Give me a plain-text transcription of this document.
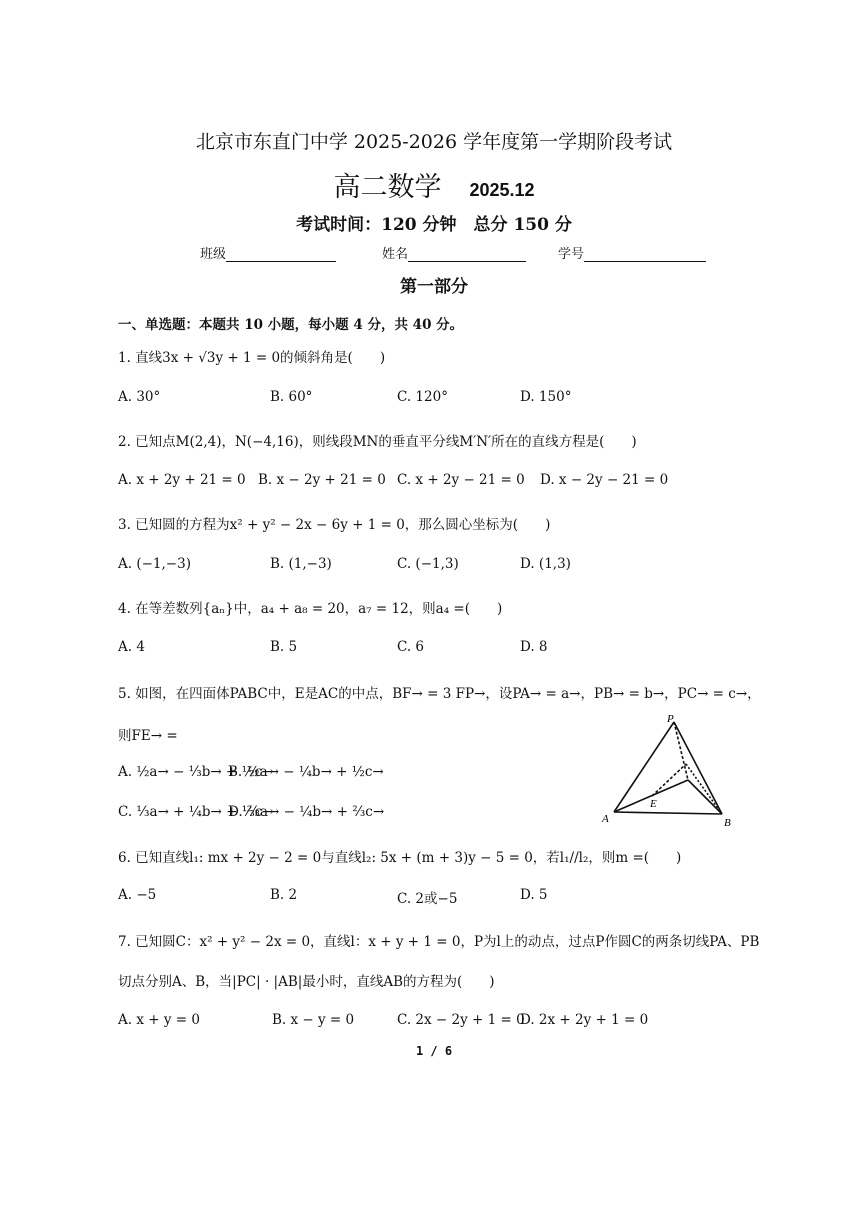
北京市东直门中学 2025-2026 学年度第一学期阶段考试
高二数学 2025.12
考试时间：120 分钟　总分 150 分
班级	姓名	学号
第一部分
一、单选题：本题共 10 小题，每小题 4 分，共 40 分。
1. 直线3x + √3y + 1 = 0的倾斜角是(　　)
A. 30°	B. 60°	C. 120°	D. 150°
2. 已知点M(2,4)，N(−4,16)，则线段MN的垂直平分线M′N′所在的直线方程是(　　)
A. x + 2y + 21 = 0 B. x − 2y + 21 = 0 C. x + 2y − 21 = 0 D. x − 2y − 21 = 0
3. 已知圆的方程为x² + y² − 2x − 6y + 1 = 0，那么圆心坐标为(　　)
A. (−1,−3)	B. (1,−3)	C. (−1,3)	D. (1,3)
4. 在等差数列{aₙ}中，a₄ + a₈ = 20，a₇ = 12，则a₄ =(　　)
A. 4	B. 5	C. 6	D. 8
5. 如图，在四面体PABC中，E是AC的中点，BF→ = 3 FP→，设PA→ = a→，PB→ = b→，PC→ = c→，
则FE→ =
A. ½a→ − ⅓b→ + ½c→
B. ½a→ − ¼b→ + ½c→
C. ⅓a→ + ¼b→ + ⅓c→
D. ⅔a→ − ¼b→ + ⅔c→
P
A	B
E
6. 已知直线l₁: mx + 2y − 2 = 0与直线l₂: 5x + (m + 3)y − 5 = 0，若l₁//l₂，则m =(　　)
A. −5	B. 2	C. 2或−5	D. 5
7. 已知圆C：x² + y² − 2x = 0，直线l：x + y + 1 = 0，P为l上的动点，过点P作圆C的两条切线PA、PB
切点分别A、B，当|PC| · |AB|最小时，直线AB的方程为(　　)
A. x + y = 0	B. x − y = 0	C. 2x − 2y + 1 = 0
D. 2x + 2y + 1 = 0
1 / 6
